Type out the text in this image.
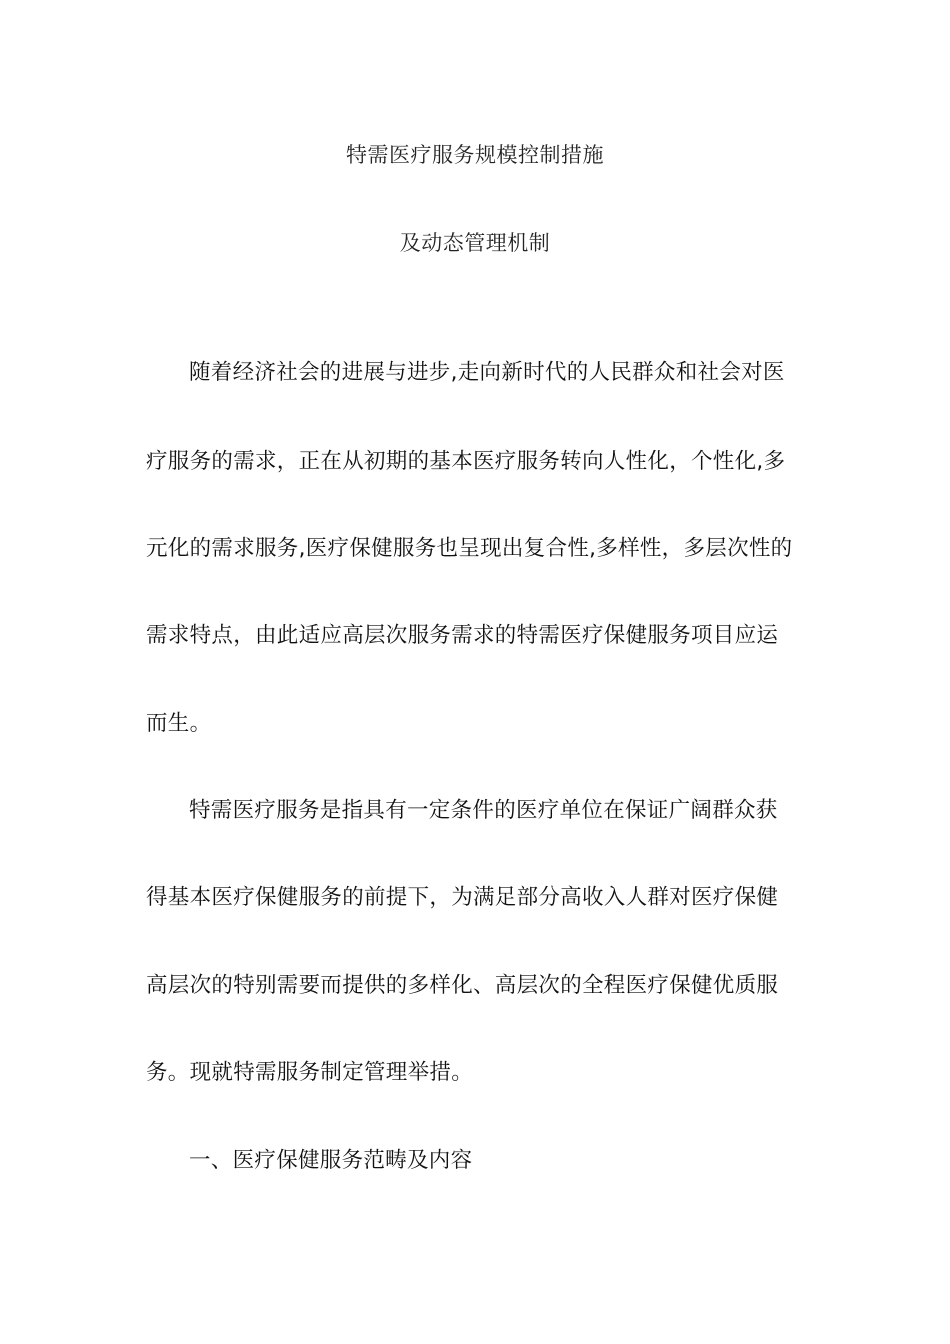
特需医疗服务规模控制措施
及动态管理机制
随着经济社会的进展与进步,走向新时代的人民群众和社会对医
疗服务的需求，正在从初期的基本医疗服务转向人性化，个性化,多
元化的需求服务,医疗保健服务也呈现出复合性,多样性，多层次性的
需求特点，由此适应高层次服务需求的特需医疗保健服务项目应运
而生。
特需医疗服务是指具有一定条件的医疗单位在保证广阔群众获
得基本医疗保健服务的前提下，为满足部分高收入人群对医疗保健
高层次的特别需要而提供的多样化、高层次的全程医疗保健优质服
务。现就特需服务制定管理举措。
一、医疗保健服务范畴及内容
